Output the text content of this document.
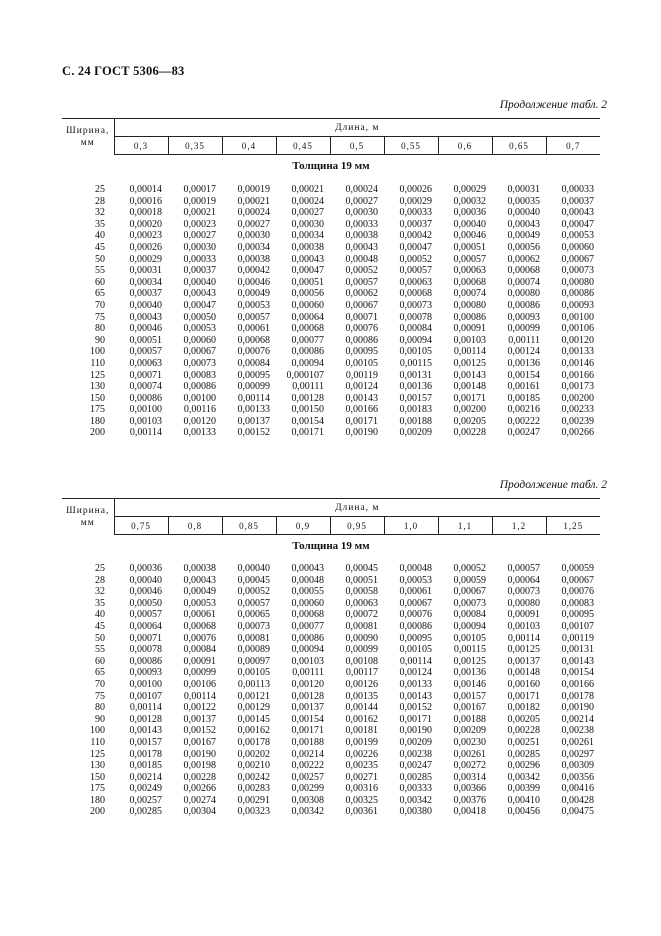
С. 24 ГОСТ 5306—83
Продолжение табл. 2
Ширина,
мм	Длина, м								
	0,3	0,35	0,4	0,45	0,5	0,55	0,6	0,65	0,7
Толщина 19 мм
25	0,00014	0,00017	0,00019	0,00021	0,00024	0,00026	0,00029	0,00031	0,00033
28	0,00016	0,00019	0,00021	0,00024	0,00027	0,00029	0,00032	0,00035	0,00037
32	0,00018	0,00021	0,00024	0,00027	0,00030	0,00033	0,00036	0,00040	0,00043
35	0,00020	0,00023	0,00027	0,00030	0,00033	0,00037	0,00040	0,00043	0,00047
40	0,00023	0,00027	0,00030	0,00034	0,00038	0,00042	0,00046	0,00049	0,00053
45	0,00026	0,00030	0,00034	0,00038	0,00043	0,00047	0,00051	0,00056	0,00060
50	0,00029	0,00033	0,00038	0,00043	0,00048	0,00052	0,00057	0,00062	0,00067
55	0,00031	0,00037	0,00042	0,00047	0,00052	0,00057	0,00063	0,00068	0,00073
60	0,00034	0,00040	0,00046	0,00051	0,00057	0,00063	0,00068	0,00074	0,00080
65	0,00037	0,00043	0,00049	0,00056	0,00062	0,00068	0,00074	0,00080	0,00086
70	0,00040	0,00047	0,00053	0,00060	0,00067	0,00073	0,00080	0,00086	0,00093
75	0,00043	0,00050	0,00057	0,00064	0,00071	0,00078	0,00086	0,00093	0,00100
80	0,00046	0,00053	0,00061	0,00068	0,00076	0,00084	0,00091	0,00099	0,00106
90	0,00051	0,00060	0,00068	0,00077	0,00086	0,00094	0,00103	0,00111	0,00120
100	0,00057	0,00067	0,00076	0,00086	0,00095	0,00105	0,00114	0,00124	0,00133
110	0,00063	0,00073	0,00084	0,00094	0,00105	0,00115	0,00125	0,00136	0,00146
125	0,00071	0,00083	0,00095	0,000107	0,00119	0,00131	0,00143	0,00154	0,00166
130	0,00074	0,00086	0,00099	0,00111	0,00124	0,00136	0,00148	0,00161	0,00173
150	0,00086	0,00100	0,00114	0,00128	0,00143	0,00157	0,00171	0,00185	0,00200
175	0,00100	0,00116	0,00133	0,00150	0,00166	0,00183	0,00200	0,00216	0,00233
180	0,00103	0,00120	0,00137	0,00154	0,00171	0,00188	0,00205	0,00222	0,00239
200	0,00114	0,00133	0,00152	0,00171	0,00190	0,00209	0,00228	0,00247	0,00266
Продолжение табл. 2
Ширина,
мм	Длина, м								
	0,75	0,8	0,85	0,9	0,95	1,0	1,1	1,2	1,25
Толщина 19 мм
25	0,00036	0,00038	0,00040	0,00043	0,00045	0,00048	0,00052	0,00057	0,00059
28	0,00040	0,00043	0,00045	0,00048	0,00051	0,00053	0,00059	0,00064	0,00067
32	0,00046	0,00049	0,00052	0,00055	0,00058	0,00061	0,00067	0,00073	0,00076
35	0,00050	0,00053	0,00057	0,00060	0,00063	0,00067	0,00073	0,00080	0,00083
40	0,00057	0,00061	0,00065	0,00068	0,00072	0,00076	0,00084	0,00091	0,00095
45	0,00064	0,00068	0,00073	0,00077	0,00081	0,00086	0,00094	0,00103	0,00107
50	0,00071	0,00076	0,00081	0,00086	0,00090	0,00095	0,00105	0,00114	0,00119
55	0,00078	0,00084	0,00089	0,00094	0,00099	0,00105	0,00115	0,00125	0,00131
60	0,00086	0,00091	0,00097	0,00103	0,00108	0,00114	0,00125	0,00137	0,00143
65	0,00093	0,00099	0,00105	0,00111	0,00117	0,00124	0,00136	0,00148	0,00154
70	0,00100	0,00106	0,00113	0,00120	0,00126	0,00133	0,00146	0,00160	0,00166
75	0,00107	0,00114	0,00121	0,00128	0,00135	0,00143	0,00157	0,00171	0,00178
80	0,00114	0,00122	0,00129	0,00137	0,00144	0,00152	0,00167	0,00182	0,00190
90	0,00128	0,00137	0,00145	0,00154	0,00162	0,00171	0,00188	0,00205	0,00214
100	0,00143	0,00152	0,00162	0,00171	0,00181	0,00190	0,00209	0,00228	0,00238
110	0,00157	0,00167	0,00178	0,00188	0,00199	0,00209	0,00230	0,00251	0,00261
125	0,00178	0,00190	0,00202	0,00214	0,00226	0,00238	0,00261	0,00285	0,00297
130	0,00185	0,00198	0,00210	0,00222	0,00235	0,00247	0,00272	0,00296	0,00309
150	0,00214	0,00228	0,00242	0,00257	0,00271	0,00285	0,00314	0,00342	0,00356
175	0,00249	0,00266	0,00283	0,00299	0,00316	0,00333	0,00366	0,00399	0,00416
180	0,00257	0,00274	0,00291	0,00308	0,00325	0,00342	0,00376	0,00410	0,00428
200	0,00285	0,00304	0,00323	0,00342	0,00361	0,00380	0,00418	0,00456	0,00475
